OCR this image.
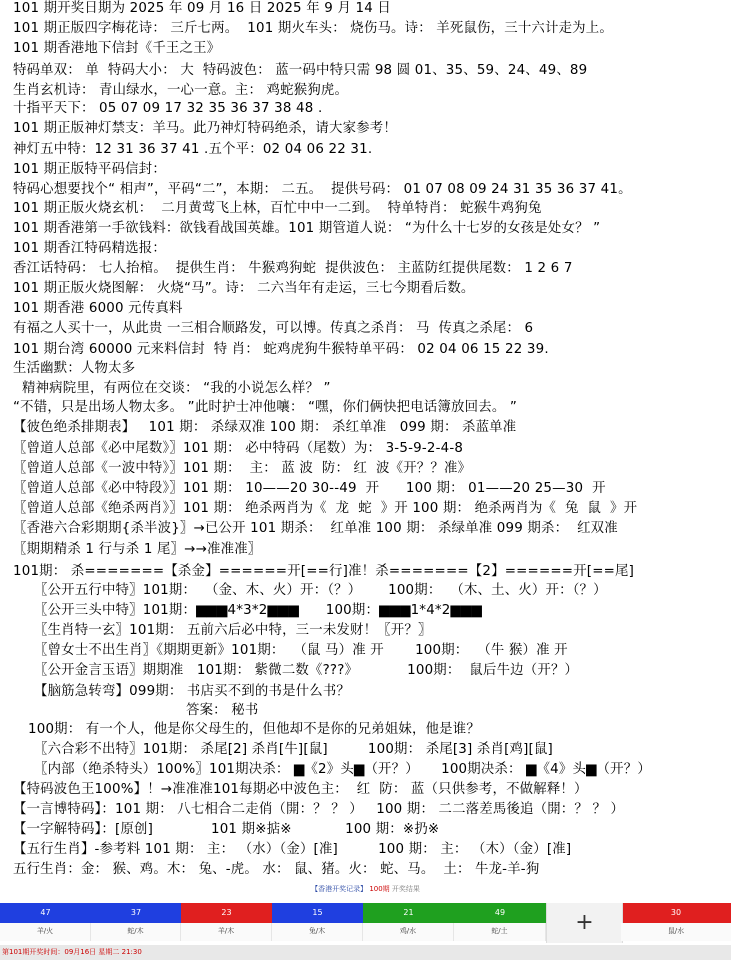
101 期开奖日期为 2025 年 09 月 16 日 2025 年 9 月 14 日
101 期正版四字梅花诗： 三斤七两。  101 期火车头： 烧伤马。诗： 羊死鼠伤，三十六计走为上。
101 期香港地下信封《千王之王》
特码单双： 单  特码大小： 大  特码波色： 蓝一码中特只需 98 圆 01、35、59、24、49、89
生肖玄机诗： 青山绿水，一心一意。主： 鸡蛇猴狗虎。
十指平天下： 05 07 09 17 32 35 36 37 38 48 .
101 期正版神灯禁支：羊马。此乃神灯特码绝杀，请大家参考！
神灯五中特：12 31 36 37 41 .五个平：02 04 06 22 31.
101 期正版特平码信封：
特码心想要找个“ 相声”，平码“二”，本期： 二五。  提供号码： 01 07 08 09 24 31 35 36 37 41。
101 期正版火烧玄机：  二月黄莺飞上林，百忙中中一二到。  特单特肖： 蛇猴牛鸡狗兔
101 期香港第一手欲钱料：欲钱看战国英雄。101 期管道人说： “为什么十七岁的女孩是处女？ ”
101 期香江特码精选报：
香江话特码： 七人抬棺。  提供生肖： 牛猴鸡狗蛇  提供波色： 主蓝防红提供尾数： 1 2 6 7
101 期正版火烧图解： 火烧“马”。诗： 二六当年有走运，三七今期看后数。
101 期香港 6000 元传真料
有福之人买十一，从此贵 一三相合顺路发，可以博。传真之杀肖： 马  传真之杀尾： 6
101 期台湾 60000 元来料信封  特 肖： 蛇鸡虎狗牛猴特单平码： 02 04 06 15 22 39.
生活幽默：人物太多
精神病院里，有两位在交谈： “我的小说怎么样？ ”
“不错，只是出场人物太多。 ”此时护士冲他嚷： “嘿，你们俩快把电话簿放回去。 ”
【彼色绝杀排期表】   101 期： 杀绿双准 100 期： 杀红单准   099 期： 杀蓝单准
〖曾道人总部《必中尾数》〗101 期： 必中特码（尾数）为： 3-5-9-2-4-8
〖曾道人总部《一波中特》〗101 期：  主： 蓝 波  防： 红  波《开？？准》
〖曾道人总部《必中特段》〗101 期： 10——20 30--49  开      100 期： 01——20 25—30  开
〖曾道人总部《绝杀两肖》〗101 期： 绝杀两肖为《  龙  蛇  》开 100 期： 绝杀两肖为《  兔  鼠  》开
〖香港六合彩期期{杀半波}〗→已公开 101 期杀：  红单准 100 期： 杀绿单准 099 期杀：  红双准
〖期期精杀 1 行与杀 1 尾〗→→准准准〗
101期： 杀=======【杀金】======开[==行]准！杀=======【2】======开[==尾]
〖公开五行中特〗101期：  （金、木、火）开：（？）      100期：  （木、土、火）开：（？）
〖公开三头中特〗101期：▆▆▆4*3*2▆▆▆      100期：▆▆▆1*4*2▆▆▆
〖生肖特一玄〗101期： 五前六后必中特，三一未发财！〖开？〗
〖曾女士不出生肖〗《期期更新》101期：  （鼠 马）准 开       100期：  （牛 猴）准 开
〖公开金言玉语〗期期准   101期： 紫微二数《???》           100期：  鼠后牛边（开？）
【脑筋急转弯】099期： 书店买不到的书是什么书？
答案： 秘书
100期： 有一个人，他是你父母生的，但他却不是你的兄弟姐妹，他是谁？
〖六合彩不出特〗101期： 杀尾[2] 杀肖[牛][鼠]         100期： 杀尾[3] 杀肖[鸡][鼠]
〖内部（绝杀特头）100%〗101期决杀： ▆《2》头▆（开？）     100期决杀： ▆《4》头▆（开？）
【特码波色王100%】！→准准准101每期必中波色主：  红  防： 蓝（只供参考，不做解释！）
【一言博特码】：101 期： 八七相合二走俏（開：？ ？ ）   100 期： 二二落差馬後追（開：？ ？ ）
【一字解特码】：[原创]             101 期※掂※            100 期：※扔※
【五行生肖】-参考料 101 期： 主： （水）（金）[准]         100 期： 主： （木）（金）[准]
五行生肖：金： 猴、鸡。木： 兔、-虎。 水： 鼠、猪。火： 蛇、马。  土： 牛龙-羊-狗
【香港开奖记录】 100期 开奖结果
47	37	23	15	21	49	30
+
羊/火	蛇/木	羊/木	兔/木	鸡/水	蛇/土	鼠/水
第101期开奖时间：09月16日 星期二 21:30
